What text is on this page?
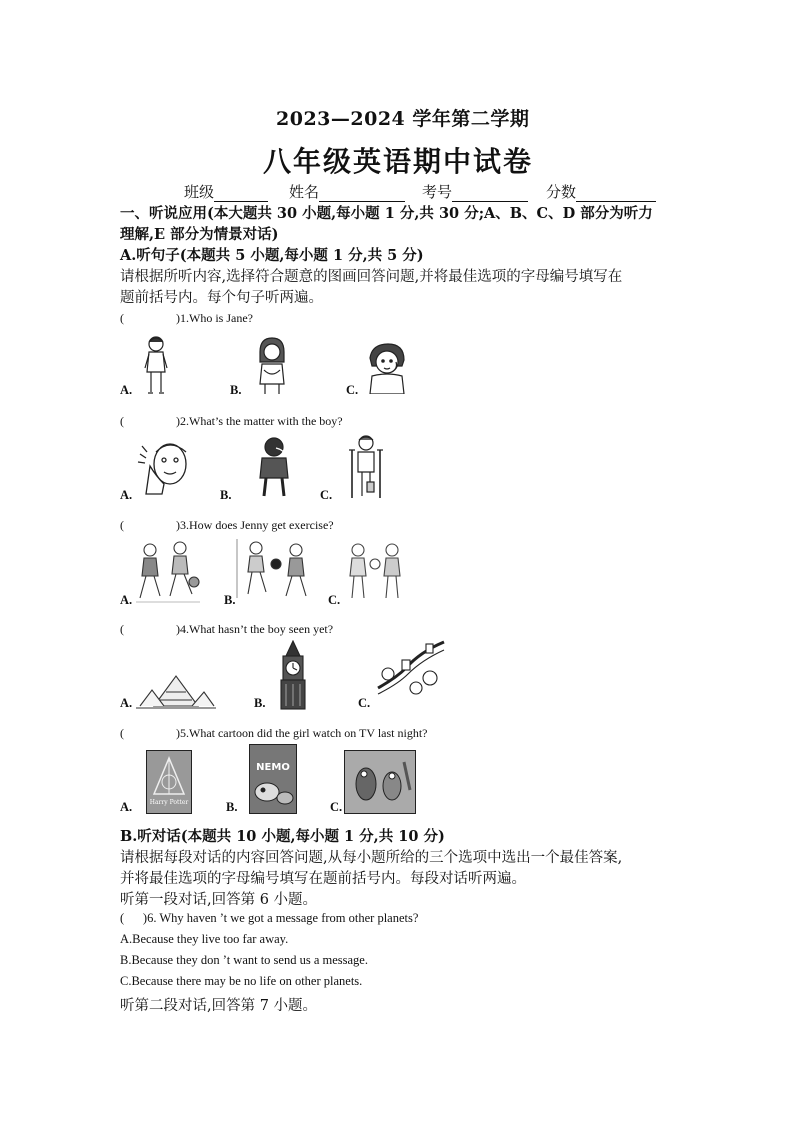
2023—2024 学年第二学期
八年级英语期中试卷
班级	姓名	考号	分数
一、听说应用(本大题共 30 小题,每小题 1 分,共 30 分;A、B、C、D 部分为听力
理解,E 部分为情景对话)
A.听句子(本题共 5 小题,每小题 1 分,共 5 分)
请根据所听内容,选择符合题意的图画回答问题,并将最佳选项的字母编号填写在
题前括号内。每个句子听两遍。
(	)1.Who is Jane?
A.	B.	C.
(	)2.What’s the matter with the boy?
A.	B.	C.
(	)3.How does Jenny get exercise?
A.	B.	C.
(	)4.What hasn’t the boy seen yet?
A.	B.	C.
(	)5.What cartoon did the girl watch on TV last night?
Harry Potter
A.
NEMO
B.	C.
B.听对话(本题共 10 小题,每小题 1 分,共 10 分)
请根据每段对话的内容回答问题,从每小题所给的三个选项中选出一个最佳答案,
并将最佳选项的字母编号填写在题前括号内。每段对话听两遍。
听第一段对话,回答第 6 小题。
(      )6. Why haven ’t we got a message from other planets?
A.Because they live too far away.
B.Because they don ’t want to send us a message.
C.Because there may be no life on other planets.
听第二段对话,回答第 7 小题。
